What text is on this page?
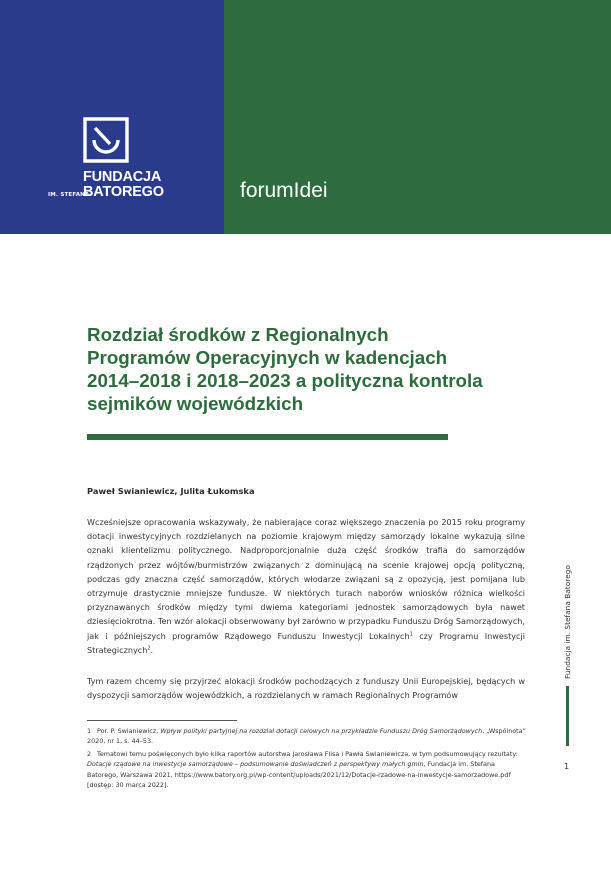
IM. STEFANA
FUNDACJA
BATOREGO	forumIdei
Rozdział środków z Regionalnych Programów Operacyjnych w kadencjach 2014–2018 i 2018–2023 a polityczna kontrola sejmików wojewódzkich
Paweł Swianiewicz, Julita Łukomska

Wcześniejsze opracowania wskazywały, że nabierające coraz większego znaczenia po 2015 roku programy dotacji inwestycyjnych rozdzielanych na poziomie krajowym między samorządy lokalne wykazują silne oznaki klientelizmu politycznego. Nadproporcjonalnie duża część środków trafia do samorządów rządzonych przez wójtów/burmistrzów związanych z dominującą na scenie krajowej opcją polityczną, podczas gdy znaczna część samorządów, których włodarze związani są z opozycją, jest pomijana lub otrzymuje drastycznie mniejsze fundusze. W niektórych turach naborów wniosków różnica wielkości przyznawanych środków między tymi dwiema kategoriami jednostek samorządowych była nawet dziesięciokrotna. Ten wzór alokacji obserwowany był zarówno w przypadku Funduszu Dróg Samorządowych, jak i późniejszych programów Rządowego Funduszu Inwestycji Lokalnych$^1$ czy Programu Inwestycji Strategicznych$^2$.

Tym razem chcemy się przyjrzeć alokacji środków pochodzących z funduszy Unii Europejskiej, będących w dyspozycji samorządów wojewódzkich, a rozdzielanych w ramach Regionalnych Programów

1 Por. P. Swianiewicz, Wpływ polityki partyjnej na rozdział dotacji celowych na przykładzie Funduszu Dróg Samorządowych, „Wspólnota” 2020, nr 1, s. 44–53.

2 Tematowi temu poświęconych było kilka raportów autorstwa Jarosława Flisa i Pawła Swianiewicza, w tym podsumowujący rezultaty: Dotacje rządowe na inwestycje samorządowe – podsumowanie doświadczeń z perspektywy małych gmin, Fundacja im. Stefana Batorego, Warszawa 2021, https://www.batory.org.pl/wp-content/uploads/2021/12/Dotacje-rzadowe-na-inwestycje-samorzadowe.pdf [dostęp: 30 marca 2022].

Fundacja im. Stefana Batorego
1
